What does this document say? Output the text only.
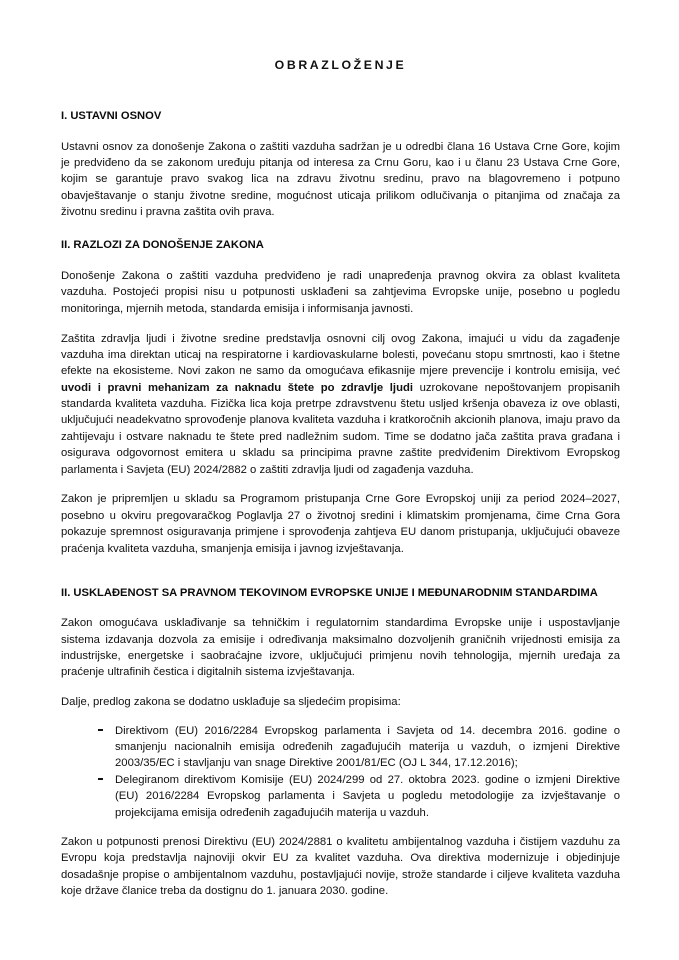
OBRAZLOŽENJE
I. USTAVNI OSNOV

Ustavni osnov za donošenje Zakona o zaštiti vazduha sadržan je u odredbi člana 16 Ustava Crne Gore, kojim je predviđeno da se zakonom uređuju pitanja od interesa za Crnu Goru, kao i u članu 23 Ustava Crne Gore, kojim se garantuje pravo svakog lica na zdravu životnu sredinu, pravo na blagovremeno i potpuno obavještavanje o stanju životne sredine, mogućnost uticaja prilikom odlučivanja o pitanjima od značaja za životnu sredinu i pravna zaštita ovih prava.

II. RAZLOZI ZA DONOŠENJE ZAKONA

Donošenje Zakona o zaštiti vazduha predviđeno je radi unapređenja pravnog okvira za oblast kvaliteta vazduha. Postojeći propisi nisu u potpunosti usklađeni sa zahtjevima Evropske unije, posebno u pogledu monitoringa, mjernih metoda, standarda emisija i informisanja javnosti.

Zaštita zdravlja ljudi i životne sredine predstavlja osnovni cilj ovog Zakona, imajući u vidu da zagađenje vazduha ima direktan uticaj na respiratorne i kardiovaskularne bolesti, povećanu stopu smrtnosti, kao i štetne efekte na ekosisteme. Novi zakon ne samo da omogućava efikasnije mjere prevencije i kontrolu emisija, već uvodi i pravni mehanizam za naknadu štete po zdravlje ljudi uzrokovane nepoštovanjem propisanih standarda kvaliteta vazduha. Fizička lica koja pretrpe zdravstvenu štetu usljed kršenja obaveza iz ove oblasti, uključujući neadekvatno sprovođenje planova kvaliteta vazduha i kratkoročnih akcionih planova, imaju pravo da zahtijevaju i ostvare naknadu te štete pred nadležnim sudom. Time se dodatno jača zaštita prava građana i osigurava odgovornost emitera u skladu sa principima pravne zaštite predviđenim Direktivom Evropskog parlamenta i Savjeta (EU) 2024/2882 o zaštiti zdravlja ljudi od zagađenja vazduha.

Zakon je pripremljen u skladu sa Programom pristupanja Crne Gore Evropskoj uniji za period 2024–2027, posebno u okviru pregovaračkog Poglavlja 27 o životnoj sredini i klimatskim promjenama, čime Crna Gora pokazuje spremnost osiguravanja primjene i sprovođenja zahtjeva EU danom pristupanja, uključujući obaveze praćenja kvaliteta vazduha, smanjenja emisija i javnog izvještavanja.

II. USKLAĐENOST SA PRAVNOM TEKOVINOM EVROPSKE UNIJE I MEĐUNARODNIM STANDARDIMA

Zakon omogućava usklađivanje sa tehničkim i regulatornim standardima Evropske unije i uspostavljanje sistema izdavanja dozvola za emisije i određivanja maksimalno dozvoljenih graničnih vrijednosti emisija za industrijske, energetske i saobraćajne izvore, uključujući primjenu novih tehnologija, mjernih uređaja za praćenje ultrafinih čestica i digitalnih sistema izvještavanja.

Dalje, predlog zakona se dodatno usklađuje sa sljedećim propisima:

Direktivom (EU) 2016/2284 Evropskog parlamenta i Savjeta od 14. decembra 2016. godine o smanjenju nacionalnih emisija određenih zagađujućih materija u vazduh, o izmjeni Direktive 2003/35/EC i stavljanju van snage Direktive 2001/81/EC (OJ L 344, 17.12.2016);
Delegiranom direktivom Komisije (EU) 2024/299 od 27. oktobra 2023. godine o izmjeni Direktive (EU) 2016/2284 Evropskog parlamenta i Savjeta u pogledu metodologije za izvještavanje o projekcijama emisija određenih zagađujućih materija u vazduh.

Zakon u potpunosti prenosi Direktivu (EU) 2024/2881 o kvalitetu ambijentalnog vazduha i čistijem vazduhu za Evropu koja predstavlja najnoviji okvir EU za kvalitet vazduha. Ova direktiva modernizuje i objedinjuje dosadašnje propise o ambijentalnom vazduhu, postavljajući novije, strože standarde i ciljeve kvaliteta vazduha koje države članice treba da dostignu do 1. januara 2030. godine.
